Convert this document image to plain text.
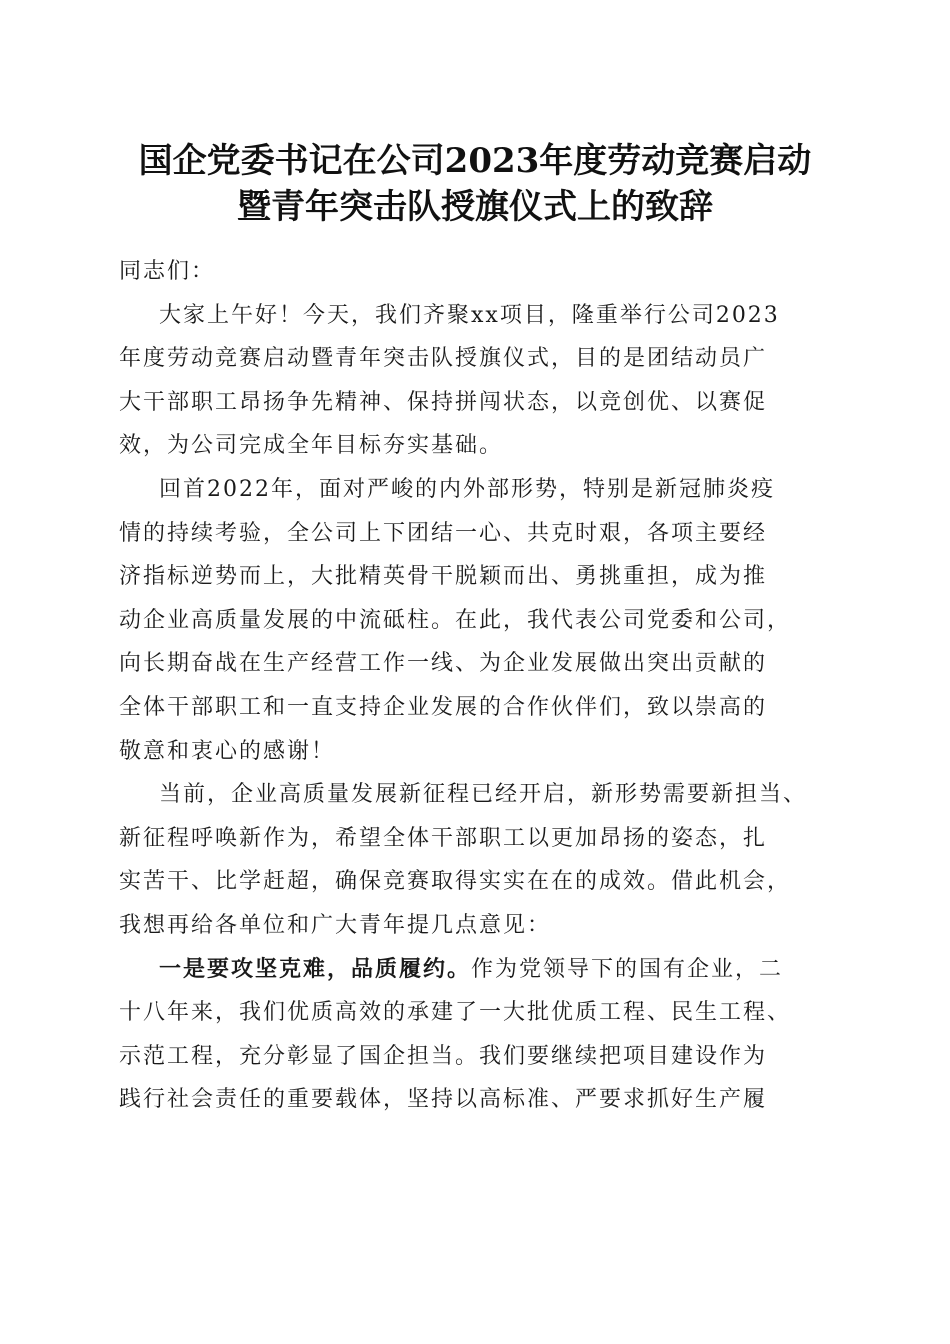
国企党委书记在公司2023年度劳动竞赛启动
暨青年突击队授旗仪式上的致辞

同志们：

大家上午好！今天，我们齐聚xx项目，隆重举行公司2023
年度劳动竞赛启动暨青年突击队授旗仪式，目的是团结动员广
大干部职工昂扬争先精神、保持拼闯状态，以竞创优、以赛促
效，为公司完成全年目标夯实基础。
回首2022年，面对严峻的内外部形势，特别是新冠肺炎疫
情的持续考验，全公司上下团结一心、共克时艰，各项主要经
济指标逆势而上，大批精英骨干脱颖而出、勇挑重担，成为推
动企业高质量发展的中流砥柱。在此，我代表公司党委和公司，
向长期奋战在生产经营工作一线、为企业发展做出突出贡献的
全体干部职工和一直支持企业发展的合作伙伴们，致以崇高的
敬意和衷心的感谢！
当前，企业高质量发展新征程已经开启，新形势需要新担当、
新征程呼唤新作为，希望全体干部职工以更加昂扬的姿态，扎
实苦干、比学赶超，确保竞赛取得实实在在的成效。借此机会，
我想再给各单位和广大青年提几点意见：
一是要攻坚克难，品质履约。作为党领导下的国有企业，二
十八年来，我们优质高效的承建了一大批优质工程、民生工程、
示范工程，充分彰显了国企担当。我们要继续把项目建设作为
践行社会责任的重要载体，坚持以高标准、严要求抓好生产履
